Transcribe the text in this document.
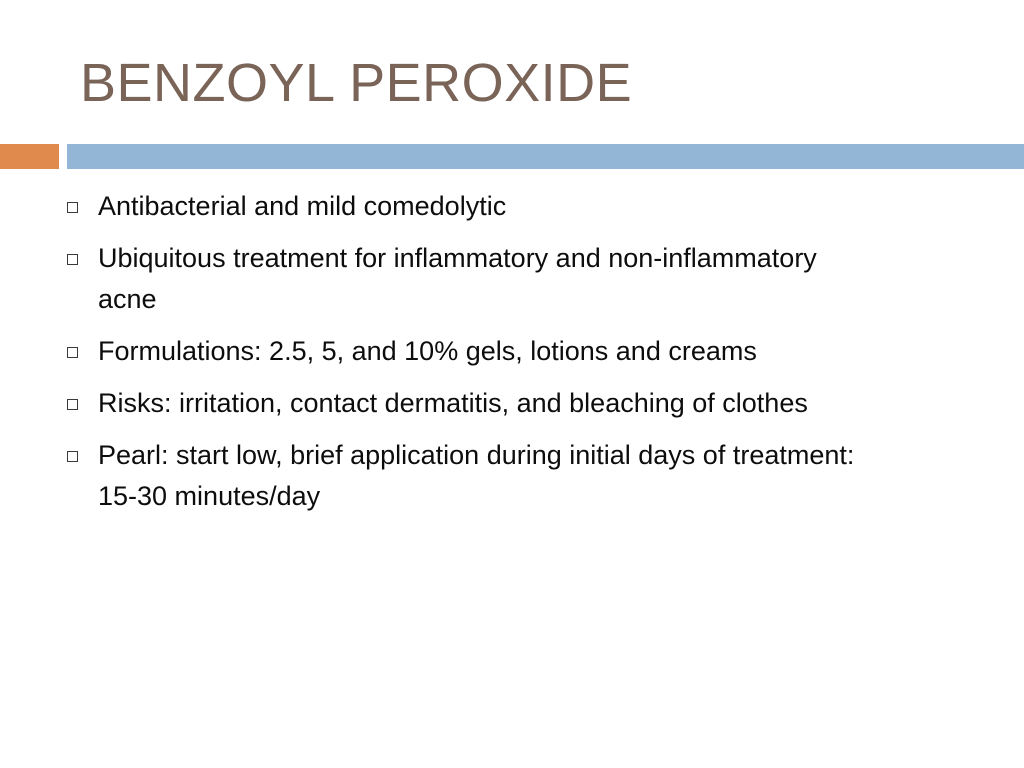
BENZOYL PEROXIDE
Antibacterial and mild comedolytic
Ubiquitous treatment for inflammatory and non-inflammatory acne
Formulations: 2.5, 5, and 10% gels, lotions and creams
Risks: irritation, contact dermatitis, and bleaching of clothes
Pearl: start low, brief application during initial days of treatment: 15-30 minutes/day
